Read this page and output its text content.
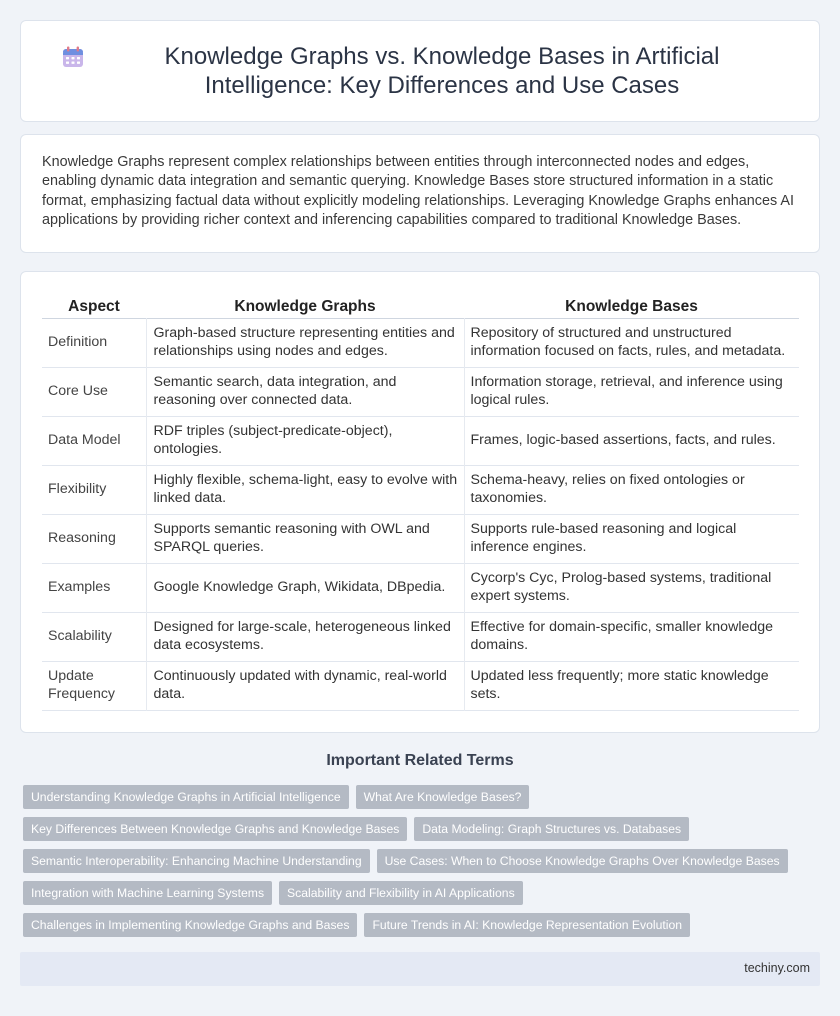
Knowledge Graphs vs. Knowledge Bases in Artificial Intelligence: Key Differences and Use Cases

Knowledge Graphs represent complex relationships between entities through interconnected nodes and edges, enabling dynamic data integration and semantic querying. Knowledge Bases store structured information in a static format, emphasizing factual data without explicitly modeling relationships. Leveraging Knowledge Graphs enhances AI applications by providing richer context and inferencing capabilities compared to traditional Knowledge Bases.

Aspect	Knowledge Graphs	Knowledge Bases
Definition	Graph-based structure representing entities and relationships using nodes and edges.	Repository of structured and unstructured information focused on facts, rules, and metadata.
Core Use	Semantic search, data integration, and reasoning over connected data.	Information storage, retrieval, and inference using logical rules.
Data Model	RDF triples (subject-predicate-object), ontologies.	Frames, logic-based assertions, facts, and rules.
Flexibility	Highly flexible, schema-light, easy to evolve with linked data.	Schema-heavy, relies on fixed ontologies or taxonomies.
Reasoning	Supports semantic reasoning with OWL and SPARQL queries.	Supports rule-based reasoning and logical inference engines.
Examples	Google Knowledge Graph, Wikidata, DBpedia.	Cycorp's Cyc, Prolog-based systems, traditional expert systems.
Scalability	Designed for large-scale, heterogeneous linked data ecosystems.	Effective for domain-specific, smaller knowledge domains.
Update Frequency	Continuously updated with dynamic, real-world data.	Updated less frequently; more static knowledge sets.
Important Related Terms
Understanding Knowledge Graphs in Artificial Intelligence	What Are Knowledge Bases?
Key Differences Between Knowledge Graphs and Knowledge Bases	Data Modeling: Graph Structures vs. Databases
Semantic Interoperability: Enhancing Machine Understanding	Use Cases: When to Choose Knowledge Graphs Over Knowledge Bases
Integration with Machine Learning Systems	Scalability and Flexibility in AI Applications
Challenges in Implementing Knowledge Graphs and Bases	Future Trends in AI: Knowledge Representation Evolution
techiny.com
